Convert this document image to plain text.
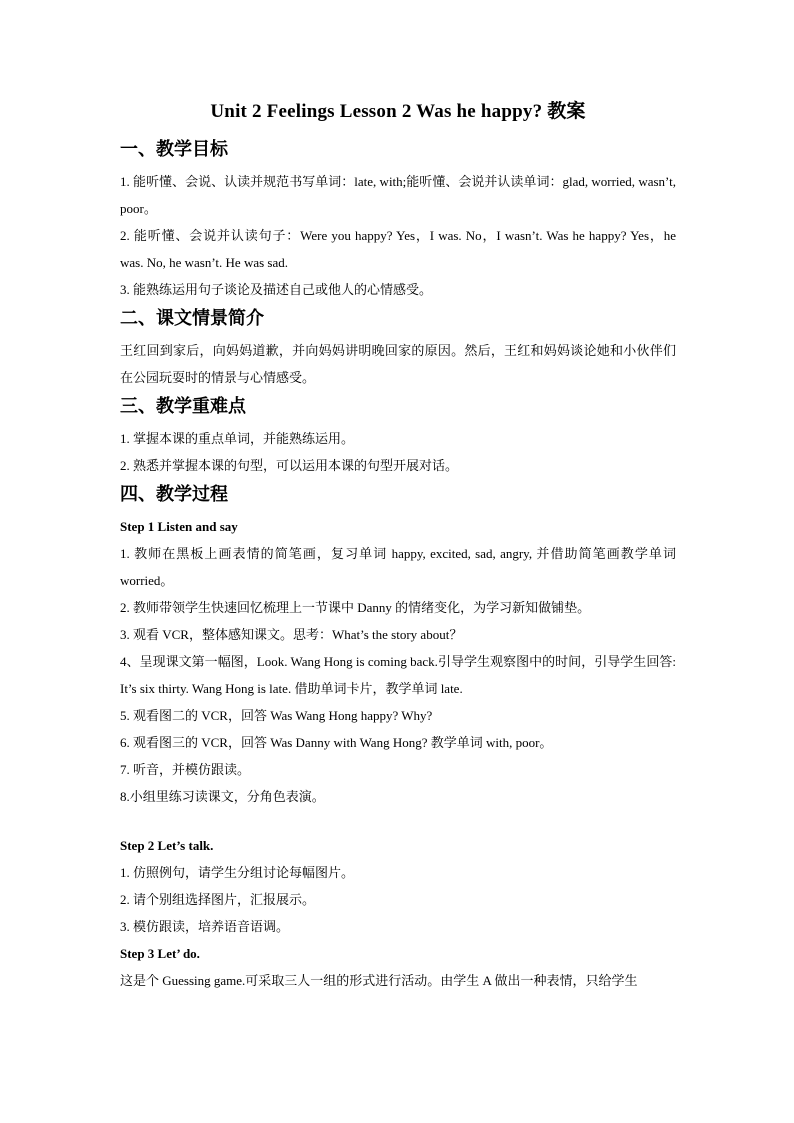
Unit 2 Feelings Lesson 2 Was he happy? 教案
一、教学目标

1. 能听懂、会说、认读并规范书写单词：late, with;能听懂、会说并认读单词：glad, worried, wasn’t, poor。

2. 能听懂、会说并认读句子：Were you happy? Yes，I was. No，I wasn’t. Was he happy? Yes，he was. No, he wasn’t. He was sad.

3. 能熟练运用句子谈论及描述自己或他人的心情感受。

二、课文情景简介

王红回到家后，向妈妈道歉，并向妈妈讲明晚回家的原因。然后，王红和妈妈谈论她和小伙伴们在公园玩耍时的情景与心情感受。

三、教学重难点

1. 掌握本课的重点单词，并能熟练运用。

2. 熟悉并掌握本课的句型，可以运用本课的句型开展对话。

四、教学过程

Step 1 Listen and say

1. 教师在黑板上画表情的简笔画，复习单词 happy, excited, sad, angry, 并借助简笔画教学单词 worried。

2. 教师带领学生快速回忆梳理上一节课中 Danny 的情绪变化，为学习新知做铺垫。

3. 观看 VCR，整体感知课文。思考：What’s the story about？

4、呈现课文第一幅图，Look. Wang Hong is coming back.引导学生观察图中的时间，引导学生回答: It’s six thirty. Wang Hong is late. 借助单词卡片，教学单词 late.

5. 观看图二的 VCR，回答 Was Wang Hong happy? Why?

6. 观看图三的 VCR，回答 Was Danny with Wang Hong? 教学单词 with, poor。

7. 听音，并模仿跟读。

8.小组里练习读课文，分角色表演。

Step 2 Let’s talk.

1. 仿照例句，请学生分组讨论每幅图片。

2. 请个别组选择图片，汇报展示。

3. 模仿跟读，培养语音语调。

Step 3 Let’ do.

这是个 Guessing game.可采取三人一组的形式进行活动。由学生 A 做出一种表情，只给学生
